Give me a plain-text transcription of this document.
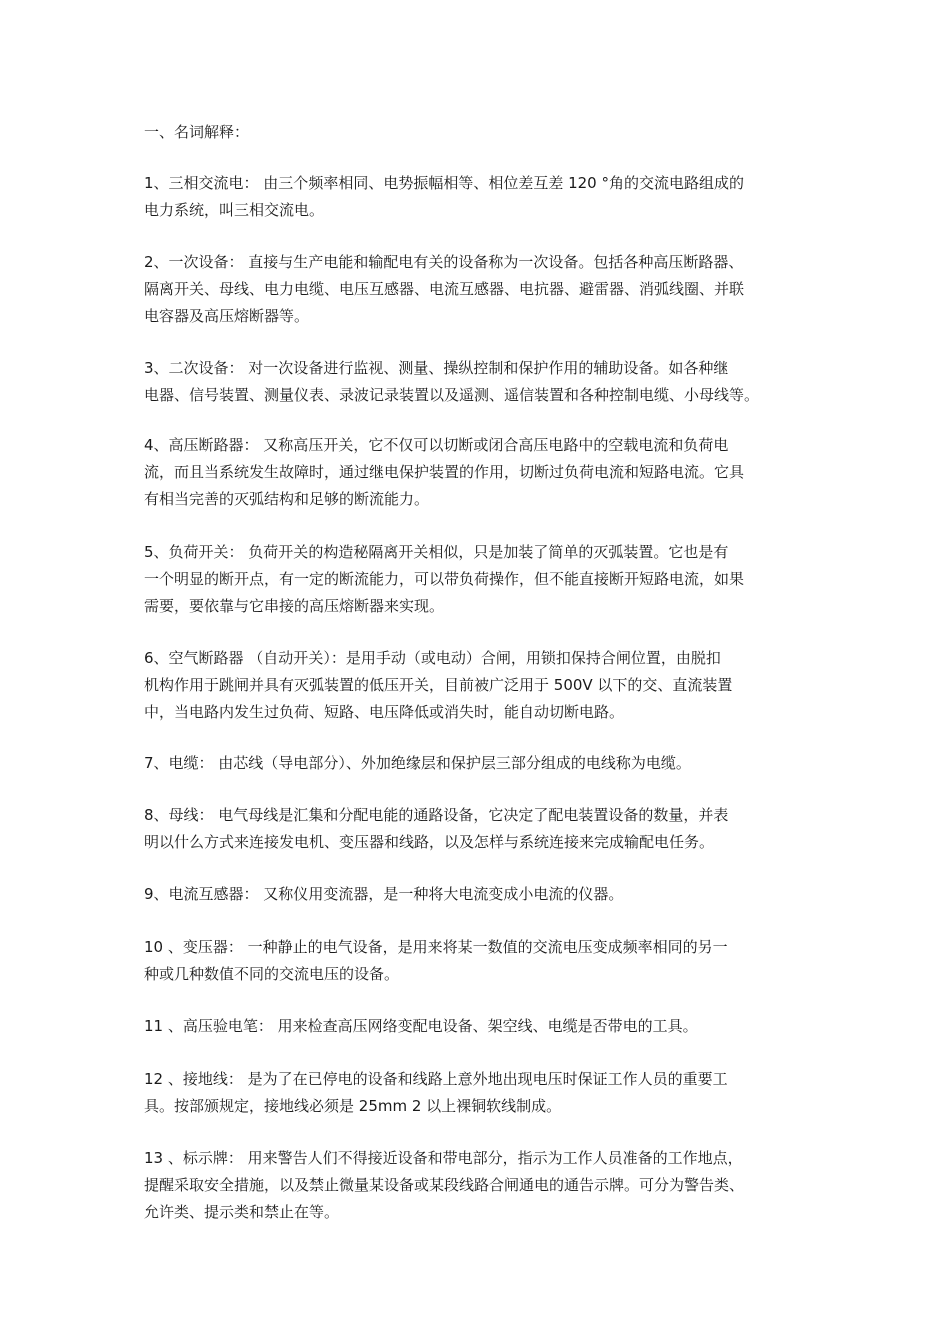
一、名词解释：
1、三相交流电： 由三个频率相同、电势振幅相等、相位差互差 120 °角的交流电路组成的
电力系统，叫三相交流电。
2、一次设备： 直接与生产电能和输配电有关的设备称为一次设备。包括各种高压断路器、
隔离开关、母线、电力电缆、电压互感器、电流互感器、电抗器、避雷器、消弧线圈、并联
电容器及高压熔断器等。
3、二次设备： 对一次设备进行监视、测量、操纵控制和保护作用的辅助设备。如各种继
电器、信号装置、测量仪表、录波记录装置以及遥测、遥信装置和各种控制电缆、小母线等。
4、高压断路器： 又称高压开关，它不仅可以切断或闭合高压电路中的空载电流和负荷电
流，而且当系统发生故障时，通过继电保护装置的作用，切断过负荷电流和短路电流。它具
有相当完善的灭弧结构和足够的断流能力。
5、负荷开关： 负荷开关的构造秘隔离开关相似，只是加装了简单的灭弧装置。它也是有
一个明显的断开点，有一定的断流能力，可以带负荷操作，但不能直接断开短路电流，如果
需要，要依靠与它串接的高压熔断器来实现。
6、空气断路器 （自动开关）：是用手动（或电动）合闸，用锁扣保持合闸位置，由脱扣
机构作用于跳闸并具有灭弧装置的低压开关，目前被广泛用于 500V 以下的交、直流装置
中，当电路内发生过负荷、短路、电压降低或消失时，能自动切断电路。
7、电缆： 由芯线（导电部分）、外加绝缘层和保护层三部分组成的电线称为电缆。
8、母线： 电气母线是汇集和分配电能的通路设备，它决定了配电装置设备的数量，并表
明以什么方式来连接发电机、变压器和线路，以及怎样与系统连接来完成输配电任务。
9、电流互感器： 又称仪用变流器，是一种将大电流变成小电流的仪器。
10 、变压器： 一种静止的电气设备，是用来将某一数值的交流电压变成频率相同的另一
种或几种数值不同的交流电压的设备。
11 、高压验电笔： 用来检查高压网络变配电设备、架空线、电缆是否带电的工具。
12 、接地线： 是为了在已停电的设备和线路上意外地出现电压时保证工作人员的重要工
具。按部颁规定，接地线必须是 25mm 2 以上裸铜软线制成。
13 、标示牌： 用来警告人们不得接近设备和带电部分，指示为工作人员准备的工作地点，
提醒采取安全措施，以及禁止微量某设备或某段线路合闸通电的通告示牌。可分为警告类、
允许类、提示类和禁止在等。
